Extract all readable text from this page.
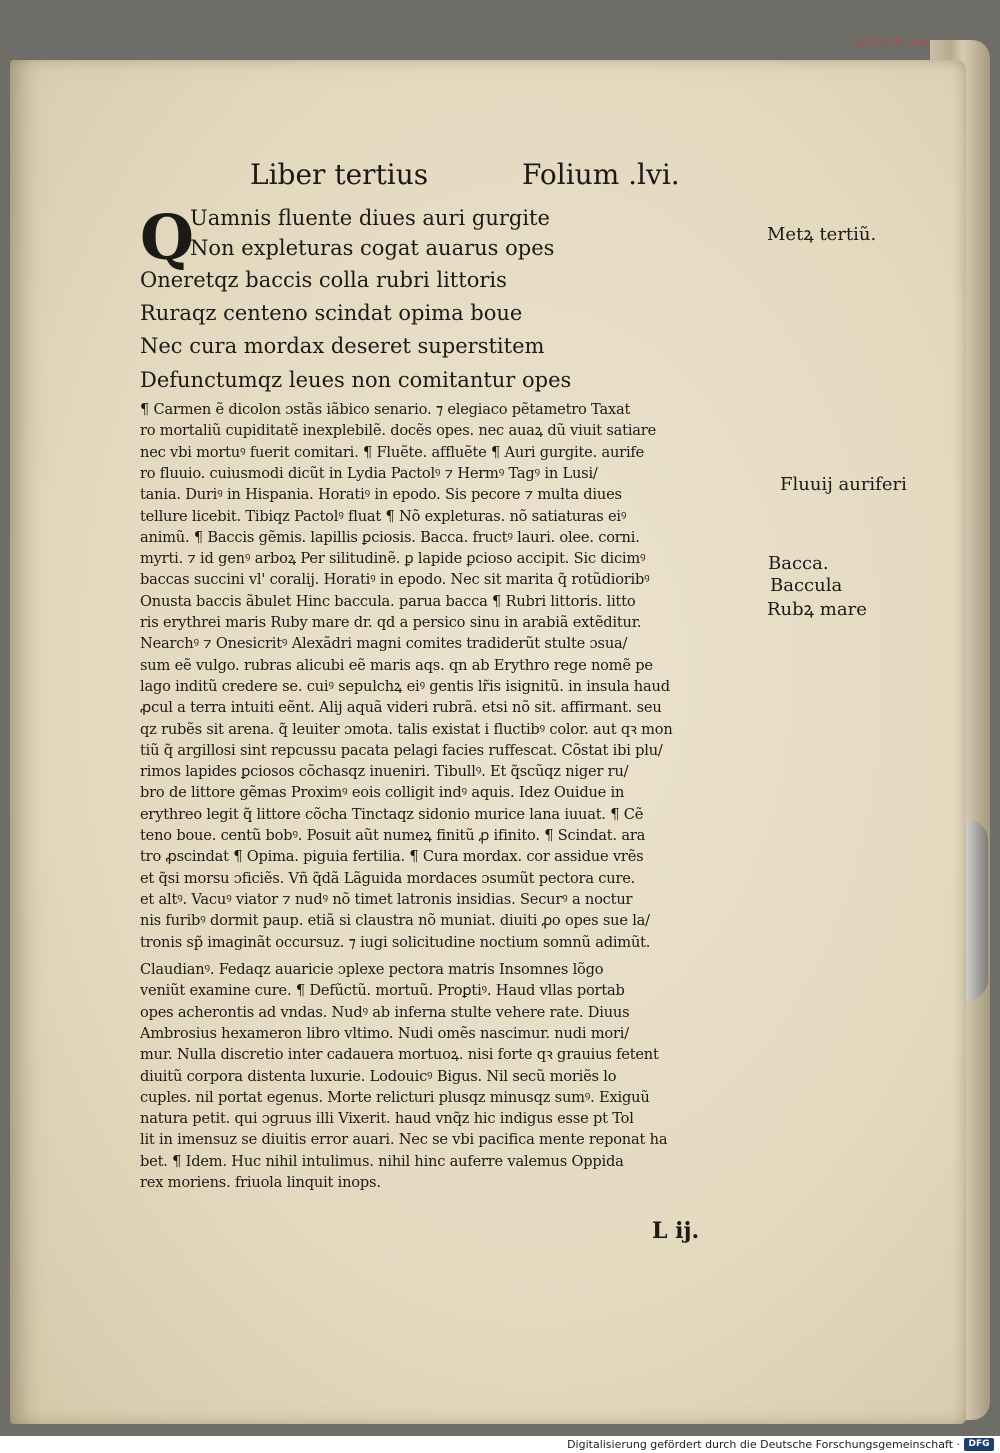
ʜɴᴏᴏɴ ᴀᴍ
Liber tertius	Folium .lvi.
Q
Uamnis fluente diues auri gurgite
Non expleturas cogat auarus opes
Oneretqz baccis colla rubri littoris
Ruraqz centeno scindat opima boue
Nec cura mordax deseret superstitem
Defunctumqz leues non comitantur opes
¶ Carmen ẽ dicolon ɔstãs iãbico senario. ⁊ elegiaco pẽtametro Taxat
ro mortaliũ cupiditatẽ inexplebilẽ. docẽs opes. nec auaꝝ dũ viuit satiare
nec vbi mortuꝰ fuerit comitari. ¶ Fluẽte. affluẽte ¶ Auri gurgite. aurife
ro fluuio. cuiusmodi dicũt in Lydia Pactolꝰ ⁊ Hermꝰ Tagꝰ in Lusi/
tania. Duriꝰ in Hispania. Horatiꝰ in epodo. Sis pecore ⁊ multa diues
tellure licebit. Tibiqz Pactolꝰ fluat ¶ Nõ expleturas. nõ satiaturas eiꝰ
animũ. ¶ Baccis gẽmis. lapillis ꝑciosis. Bacca. fructꝰ lauri. olee. corni.
myrti. ⁊ id genꝰ arboꝝ Per silitudinẽ. ꝑ lapide ꝑcioso accipit. Sic dicimꝰ
baccas succini vl' coralij. Horatiꝰ in epodo. Nec sit marita q̃ rotũdioribꝰ
Onusta baccis ãbulet Hinc baccula. parua bacca ¶ Rubri littoris. litto
ris erythrei maris Ruby mare dr. qd a persico sinu in arabiã extẽditur.
Nearchꝰ ⁊ Onesicritꝰ Alexãdri magni comites tradiderũt stulte ɔsua/
sum eẽ vulgo. rubras alicubi eẽ maris aqs. qn ab Erythro rege nomẽ pe
lago inditũ credere se. cuiꝰ sepulchꝝ eiꝰ gentis lr̃is isignitũ. in insula haud
ꝓcul a terra intuiti eẽnt. Alij aquã videri rubrã. etsi nõ sit. affirmant. seu
qz rubẽs sit arena. q̃ leuiter ɔmota. talis existat i fluctibꝰ color. aut qꝛ mon
tiũ q̃ argillosi sint repcussu pacata pelagi facies ruffescat. Cõstat ibi plu/
rimos lapides ꝑciosos cõchasqz inueniri. Tibullꝰ. Et q̃scũqz niger ru/
bro de littore gẽmas Proximꝰ eois colligit indꝰ aquis. Idez Ouidue in
erythreo legit q̃ littore cõcha Tinctaqz sidonio murice lana iuuat. ¶ Cẽ
teno boue. centũ bobꝰ. Posuit aũt numeꝝ finitũ ꝓ ifinito. ¶ Scindat. ara
tro ꝓscindat ¶ Opima. piguia fertilia. ¶ Cura mordax. cor assidue vrẽs
et q̃si morsu ɔficiẽs. Vñ q̃dã Lãguida mordaces ɔsumũt pectora cure.
et altꝰ. Vacuꝰ viator ⁊ nudꝰ nõ timet latronis insidias. Securꝰ a noctur
nis furibꝰ dormit paup. etiã si claustra nõ muniat. diuiti ꝓo opes sue la/
tronis sp̃ imaginãt occursuz. ⁊ iugi solicitudine noctium somnũ adimũt.
Claudianꝰ. Fedaqz auaricie ɔplexe pectora matris Insomnes lõgo
veniũt examine cure. ¶ Defũctũ. mortuũ. Proꝑtiꝰ. Haud vllas portab
opes acherontis ad vndas. Nudꝰ ab inferna stulte vehere rate. Diuus
Ambrosius hexameron libro vltimo. Nudi omẽs nascimur. nudi mori/
mur. Nulla discretio inter cadauera mortuoꝝ. nisi forte qꝛ grauius fetent
diuitũ corpora distenta luxurie. Lodouicꝰ Bigus. Nil secũ moriẽs lo
cuples. nil portat egenus. Morte relicturi plusqz minusqz sumꝰ. Exiguũ
natura petit. qui ɔgruus illi Vixerit. haud vnq̃z hic indigus esse pt Tol
lit in imensuz se diuitis error auari. Nec se vbi pacifica mente reponat ha
bet. ¶ Idem. Huc nihil intulimus. nihil hinc auferre valemus Oppida
rex moriens. friuola linquit inops.
Metꝝ tertiũ.
Fluuij auriferi
Bacca.
Baccula
Rubꝝ mare
L ij.
Digitalisierung gefördert durch die Deutsche Forschungsgemeinschaft · DFG
